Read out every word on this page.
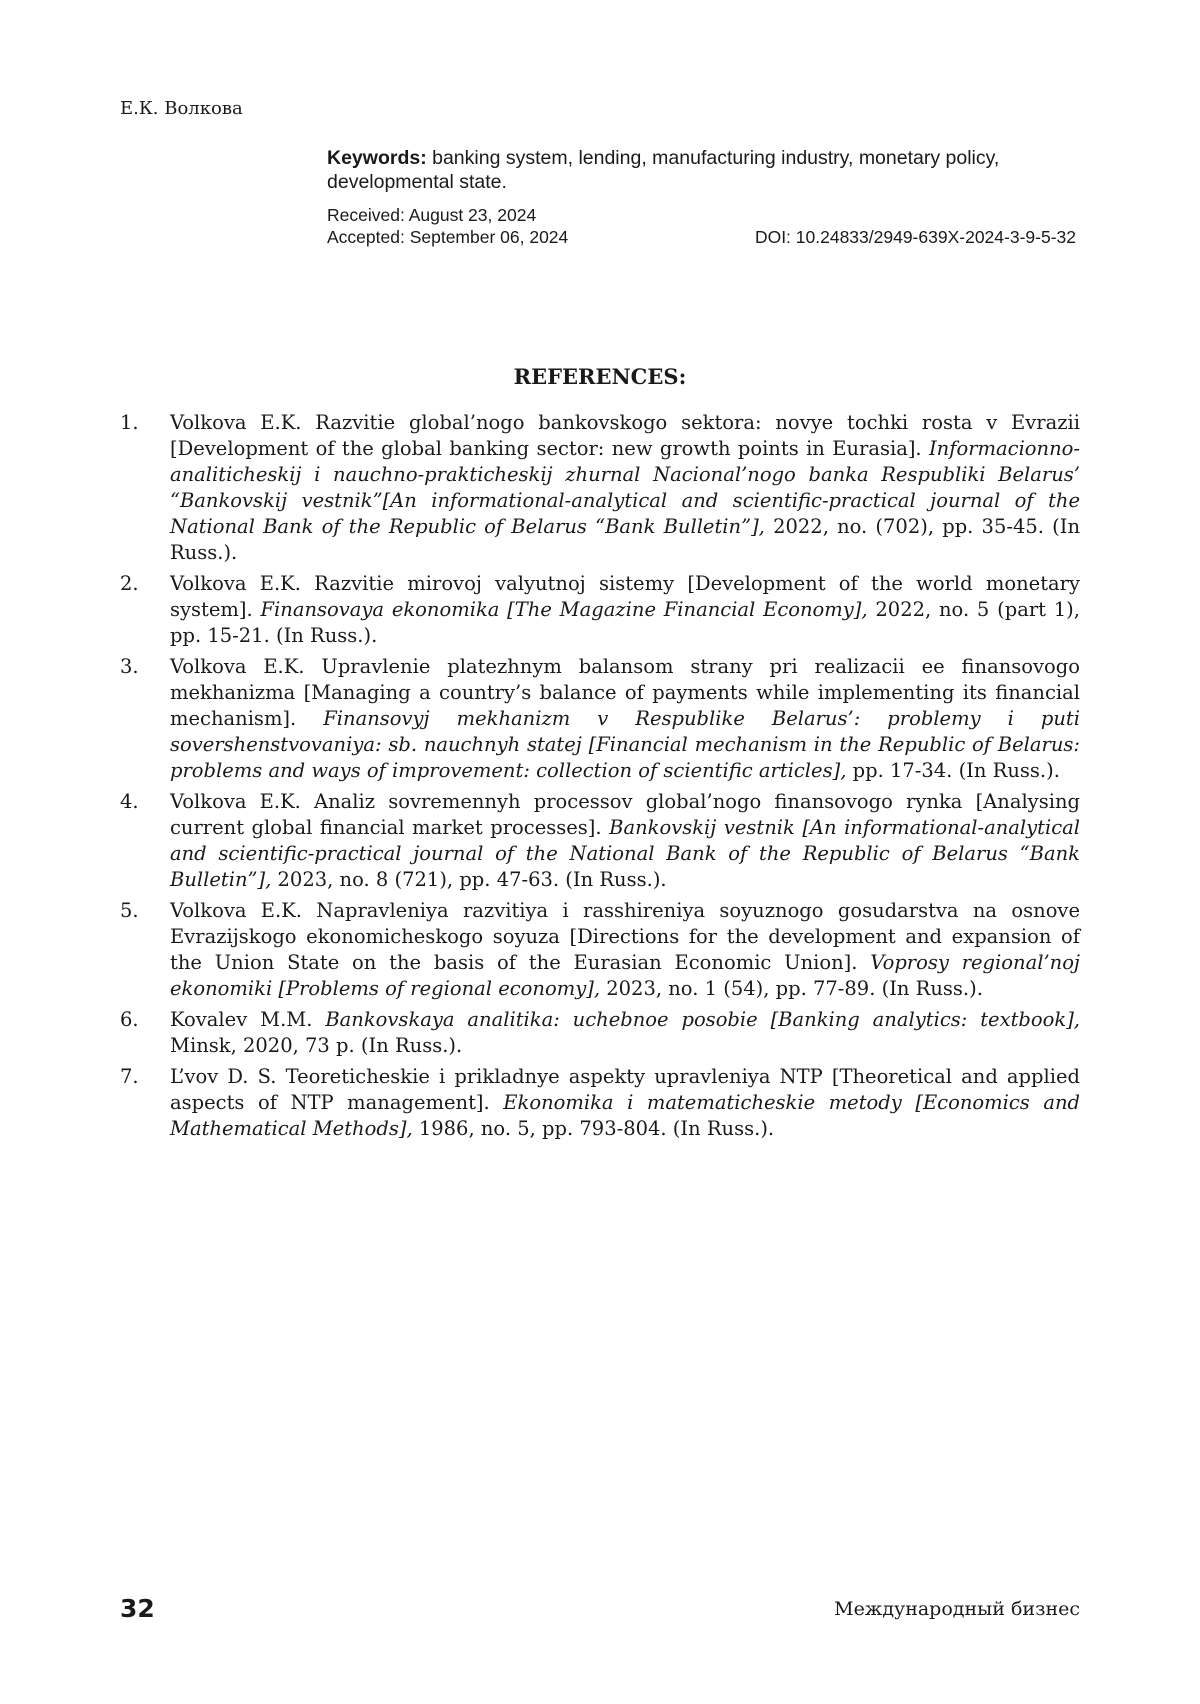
Е.К. Волкова
Keywords: banking system, lending, manufacturing industry, monetary policy, developmental state.
Received: August 23, 2024
Accepted: September 06, 2024	DOI: 10.24833/2949-639X-2024-3-9-5-32
REFERENCES:
1. Volkova E.K. Razvitie global’nogo bankovskogo sektora: novye tochki rosta v Evrazii [Development of the global banking sector: new growth points in Eurasia]. Informacionno-analiticheskij i nauchno-prakticheskij zhurnal Nacional’nogo banka Respubliki Belarus’ “Bankovskij vestnik”[An informational-analytical and scientific-practical journal of the National Bank of the Republic of Belarus “Bank Bulletin”], 2022, no. (702), pp. 35-45. (In Russ.).
2. Volkova E.K. Razvitie mirovoj valyutnoj sistemy [Development of the world monetary system]. Finansovaya ekonomika [The Magazine Financial Economy], 2022, no. 5 (part 1), pp. 15-21. (In Russ.).
3. Volkova E.K. Upravlenie platezhnym balansom strany pri realizacii ee finansovogo mekhanizma [Managing a country’s balance of payments while implementing its financial mechanism]. Finansovyj mekhanizm v Respublike Belarus’: problemy i puti sovershenstvovaniya: sb. nauchnyh statej [Financial mechanism in the Republic of Belarus: problems and ways of improvement: collection of scientific articles], pp. 17-34. (In Russ.).
4. Volkova E.K. Analiz sovremennyh processov global’nogo finansovogo rynka [Analysing current global financial market processes]. Bankovskij vestnik [An informational-analytical and scientific-practical journal of the National Bank of the Republic of Belarus “Bank Bulletin”], 2023, no. 8 (721), pp. 47-63. (In Russ.).
5. Volkova E.K. Napravleniya razvitiya i rasshireniya soyuznogo gosudarstva na osnove Evrazijskogo ekonomicheskogo soyuza [Directions for the development and expansion of the Union State on the basis of the Eurasian Economic Union]. Voprosy regional’noj ekonomiki [Problems of regional economy], 2023, no. 1 (54), pp. 77-89. (In Russ.).
6. Kovalev M.M. Bankovskaya analitika: uchebnoe posobie [Banking analytics: textbook], Minsk, 2020, 73 p. (In Russ.).
7. L’vov D. S. Teoreticheskie i prikladnye aspekty upravleniya NTP [Theoretical and applied aspects of NTP management]. Ekonomika i matematicheskie metody [Economics and Mathematical Methods], 1986, no. 5, pp. 793-804. (In Russ.).
32	Международный бизнес
